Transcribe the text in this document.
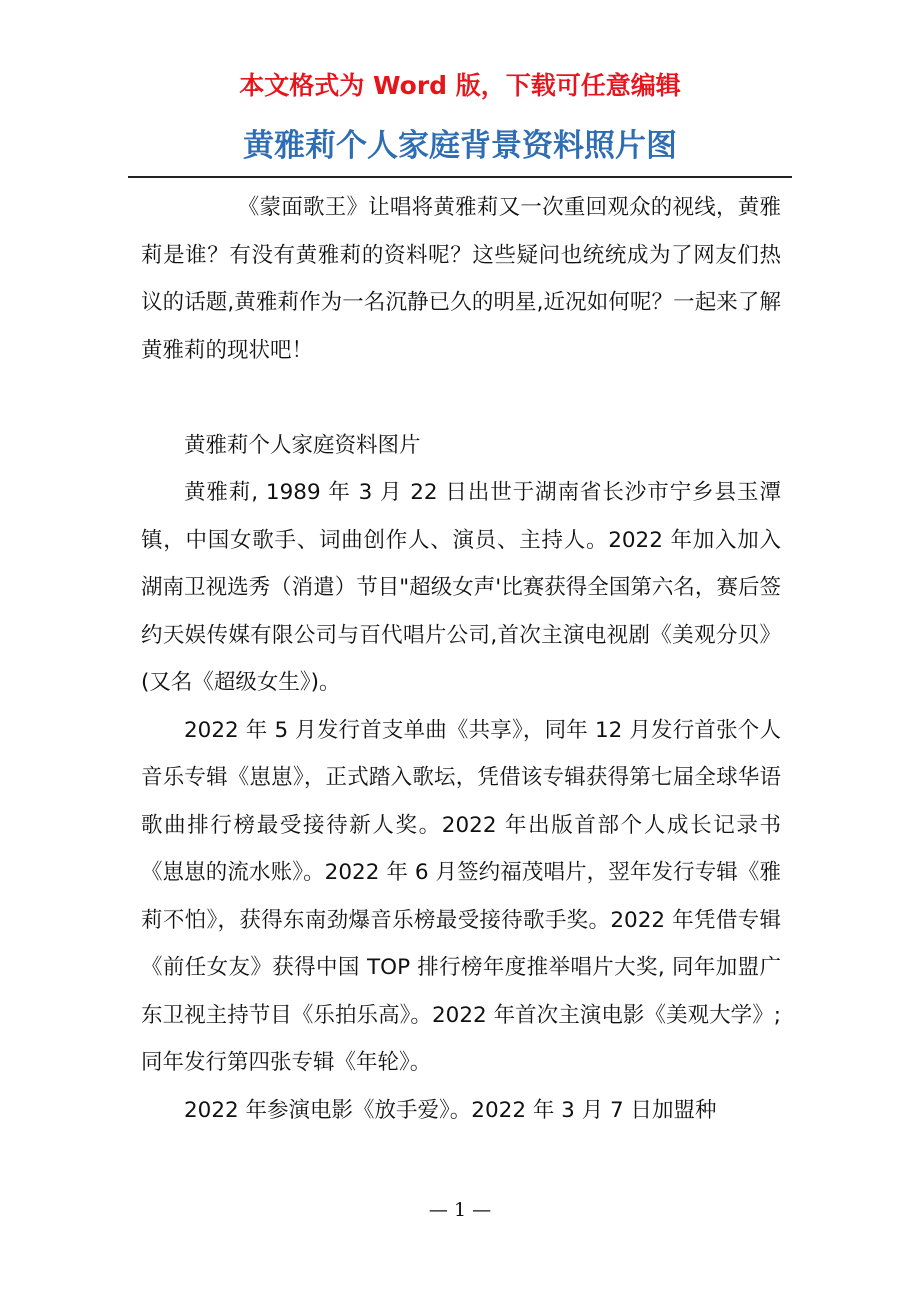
本文格式为 Word 版，下载可任意编辑
黄雅莉个人家庭背景资料照片图

《蒙面歌王》让唱将黄雅莉又一次重回观众的视线，黄雅莉是谁？有没有黄雅莉的资料呢？这些疑问也统统成为了网友们热议的话题,黄雅莉作为一名沉静已久的明星,近况如何呢？一起来了解黄雅莉的现状吧！

黄雅莉个人家庭资料图片

黄雅莉, 1989 年 3 月 22 日出世于湖南省长沙市宁乡县玉潭镇，中国女歌手、词曲创作人、演员、主持人。2022 年加入加入湖南卫视选秀（消遣）节目"超级女声'比赛获得全国第六名，赛后签约天娱传媒有限公司与百代唱片公司,首次主演电视剧《美观分贝》(又名《超级女生》)。

2022 年 5 月发行首支单曲《共享》，同年 12 月发行首张个人音乐专辑《崽崽》，正式踏入歌坛，凭借该专辑获得第七届全球华语歌曲排行榜最受接待新人奖。2022 年出版首部个人成长记录书《崽崽的流水账》。2022 年 6 月签约福茂唱片，翌年发行专辑《雅莉不怕》，获得东南劲爆音乐榜最受接待歌手奖。2022 年凭借专辑《前任女友》获得中国 TOP 排行榜年度推举唱片大奖, 同年加盟广东卫视主持节目《乐拍乐高》。2022 年首次主演电影《美观大学》;同年发行第四张专辑《年轮》。

2022 年参演电影《放手爱》。2022 年 3 月 7 日加盟种

— 1 —
